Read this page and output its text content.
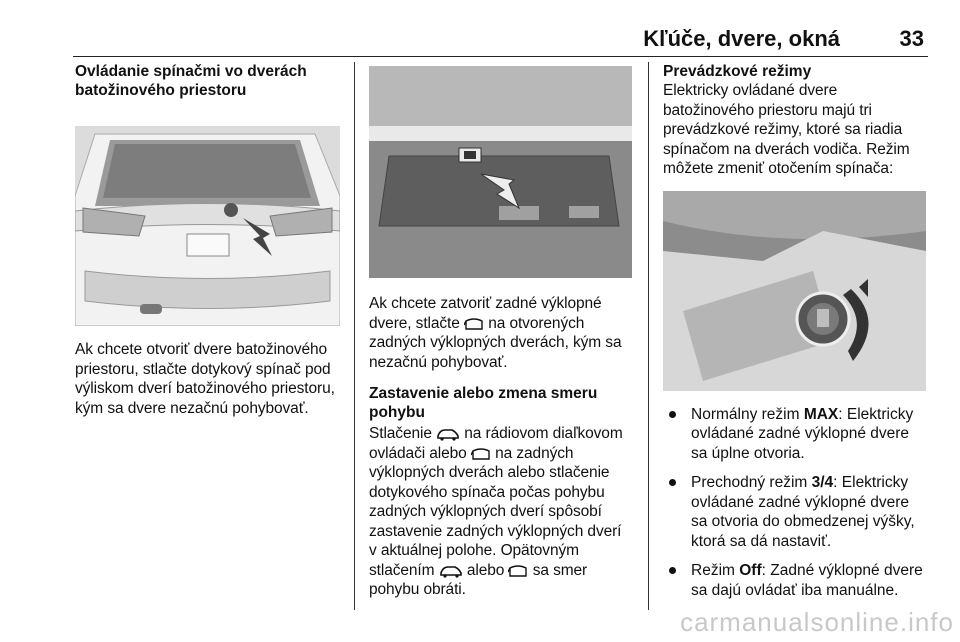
Kľúče, dvere, okná	33

Ovládanie spínačmi vo dverách batožinového priestoru

Ak chcete otvoriť dvere batožinového priestoru, stlačte dotykový spínač pod výliskom dverí batožinového priestoru, kým sa dvere nezačnú pohybovať.

Ak chcete zatvoriť zadné výklopné dvere, stlačte  na otvorených zadných výklopných dverách, kým sa nezačnú pohybovať.

Zastavenie alebo zmena smeru pohybu

Stlačenie  na rádiovom diaľkovom ovládači alebo  na zadných výklopných dverách alebo stlačenie dotykového spínača počas pohybu zadných výklopných dverí spôsobí zastavenie zadných výklopných dverí v aktuálnej polohe. Opätovným stlačením  alebo  sa smer pohybu obráti.

Prevádzkové režimy

Elektricky ovládané dvere batožinového priestoru majú tri prevádzkové režimy, ktoré sa riadia spínačom na dverách vodiča. Režim môžete zmeniť otočením spínača:

Normálny režim MAX: Elektricky ovládané zadné výklopné dvere sa úplne otvoria.
Prechodný režim 3/4: Elektricky ovládané zadné výklopné dvere sa otvoria do obmedzenej výšky, ktorá sa dá nastaviť.
Režim Off: Zadné výklopné dvere sa dajú ovládať iba manuálne.
carmanualsonline.info
